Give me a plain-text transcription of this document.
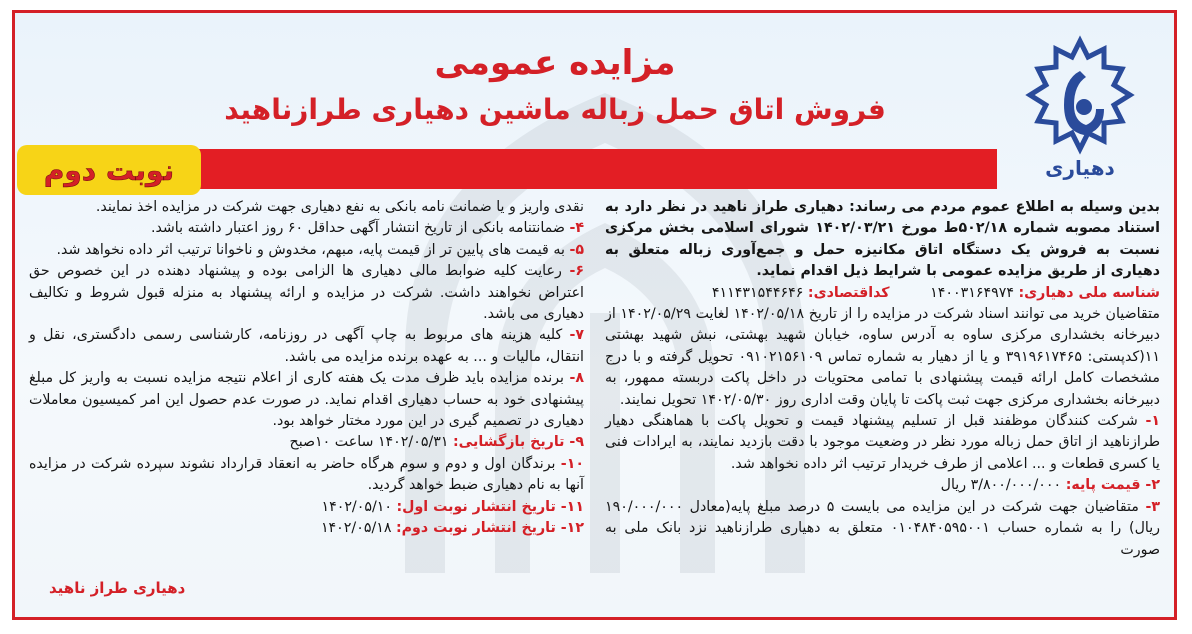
دهیاری
مزایده عمومی
فروش اتاق حمل زباله ماشین دهیاری طرازناهید
نوبت دوم

بدین وسیله به اطلاع عموم مردم می رساند: دهیاری طراز ناهید در نظر دارد به استناد مصوبه شماره ۵۰۲/۱۸ط مورخ ۱۴۰۲/۰۳/۲۱ شورای اسلامی بخش مرکزی نسبت به فروش یک دستگاه اتاق مکانیزه حمل و جمع‌آوری زباله متعلق به دهیاری از طریق مزایده عمومی با شرایط ذیل اقدام نماید.

شناسه ملی دهیاری: ۱۴۰۰۳۱۶۴۹۷۴         کداقتصادی: ۴۱۱۴۳۱۵۴۴۶۴۶

متقاضیان خرید می توانند اسناد شرکت در مزایده را از تاریخ ۱۴۰۲/۰۵/۱۸ لغایت ۱۴۰۲/۰۵/۲۹ از دبیرخانه بخشداری مرکزی ساوه به آدرس ساوه، خیابان شهید بهشتی، نبش شهید بهشتی ۱۱(کدپستی: ۳۹۱۹۶۱۷۴۶۵ و یا از دهیار به شماره تماس ۰۹۱۰۲۱۵۶۱۰۹ تحویل گرفته و با درج مشخصات کامل ارائه قیمت پیشنهادی با تمامی محتویات در داخل پاکت دربسته ممهور، به دبیرخانه بخشداری مرکزی جهت ثبت پاکت تا پایان وقت اداری روز ۱۴۰۲/۰۵/۳۰ تحویل نمایند.

۱- شرکت کنندگان موظفند قبل از تسلیم پیشنهاد قیمت و تحویل پاکت با هماهنگی دهیار طرازناهید از اتاق حمل زباله مورد نظر در وضعیت موجود با دقت بازدید نمایند، به ایرادات فنی یا کسری قطعات و ... اعلامی از طرف خریدار ترتیب اثر داده نخواهد شد.

۲- قیمت پایه: ۳/۸۰۰/۰۰۰/۰۰۰ ریال

۳- متقاضیان جهت شرکت در این مزایده می بایست ۵ درصد مبلغ پایه(معادل ۱۹۰/۰۰۰/۰۰۰ ریال) را به شماره حساب ۰۱۰۴۸۴۰۵۹۵۰۰۱ متعلق به دهیاری طرازناهید نزد بانک ملی به صورت

نقدی واریز و یا ضمانت نامه بانکی به نفع دهیاری جهت شرکت در مزایده اخذ نمایند.

۴- ضمانتنامه بانکی از تاریخ انتشار آگهی حداقل ۶۰ روز اعتبار داشته باشد.

۵- به قیمت های پایین تر از قیمت پایه، مبهم، مخدوش و ناخوانا ترتیب اثر داده نخواهد شد.

۶- رعایت کلیه ضوابط مالی دهیاری ها الزامی بوده و پیشنهاد دهنده در این خصوص حق اعتراض نخواهند داشت. شرکت در مزایده و ارائه پیشنهاد به منزله قبول شروط و تکالیف دهیاری می باشد.

۷- کلیه هزینه های مربوط به چاپ آگهی در روزنامه، کارشناسی رسمی دادگستری، نقل و انتقال، مالیات و ... به عهده برنده مزایده می باشد.

۸- برنده مزایده باید ظرف مدت یک هفته کاری از اعلام نتیجه مزایده نسبت به واریز کل مبلغ پیشنهادی خود به حساب دهیاری اقدام نماید. در صورت عدم حصول این امر کمیسیون معاملات دهیاری در تصمیم گیری در این مورد مختار خواهد بود.

۹- تاریخ بازگشایی: ۱۴۰۲/۰۵/۳۱ ساعت ۱۰صبح

۱۰- برندگان اول و دوم و سوم هرگاه حاضر به انعقاد قرارداد نشوند سپرده شرکت در مزایده آنها به نام دهیاری ضبط خواهد گردید.

۱۱- تاریخ انتشار نوبت اول: ۱۴۰۲/۰۵/۱۰

۱۲- تاریخ انتشار نوبت دوم: ۱۴۰۲/۰۵/۱۸

دهیاری طراز ناهید
